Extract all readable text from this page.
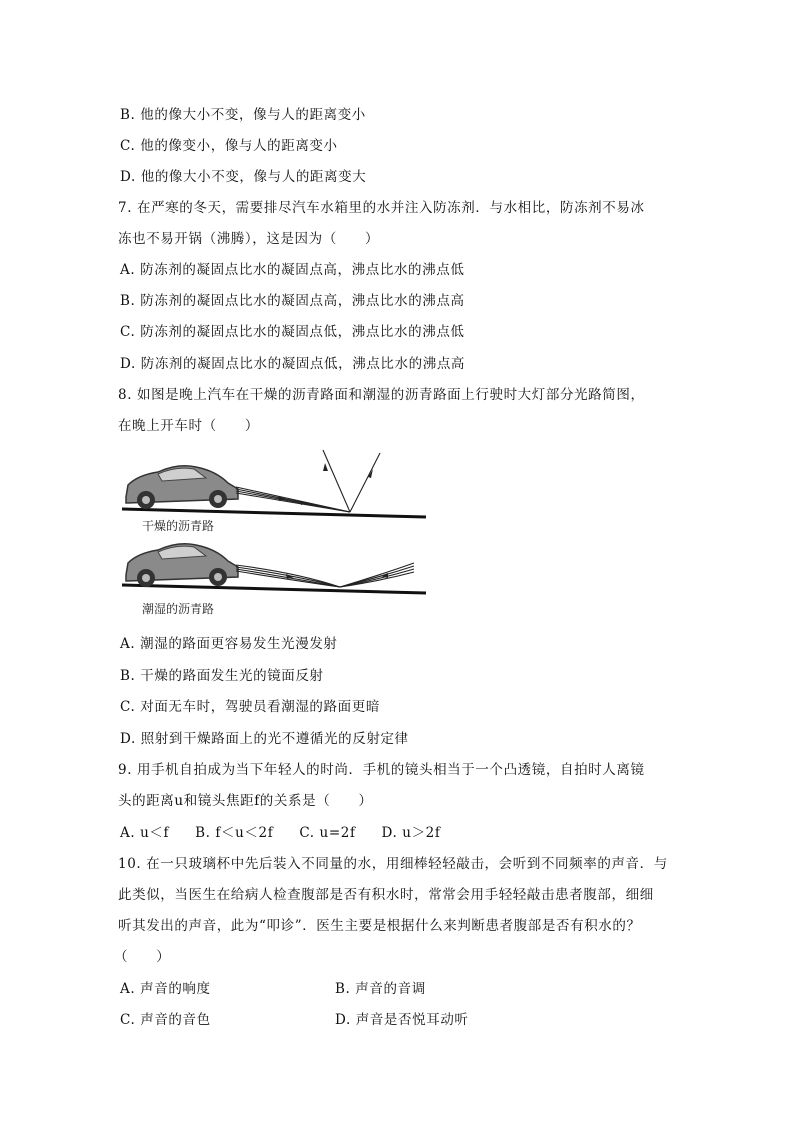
B. 他的像大小不变，像与人的距离变小
C. 他的像变小，像与人的距离变小
D. 他的像大小不变，像与人的距离变大
7. 在严寒的冬天，需要排尽汽车水箱里的水并注入防冻剂．与水相比，防冻剂不易冰
冻也不易开锅（沸腾），这是因为（　　）
A. 防冻剂的凝固点比水的凝固点高，沸点比水的沸点低
B. 防冻剂的凝固点比水的凝固点高，沸点比水的沸点高
C. 防冻剂的凝固点比水的凝固点低，沸点比水的沸点低
D. 防冻剂的凝固点比水的凝固点低，沸点比水的沸点高
8. 如图是晚上汽车在干燥的沥青路面和潮湿的沥青路面上行驶时大灯部分光路简图，
在晚上开车时（　　）
干燥的沥青路
潮湿的沥青路
A. 潮湿的路面更容易发生光漫发射
B. 干燥的路面发生光的镜面反射
C. 对面无车时，驾驶员看潮湿的路面更暗
D. 照射到干燥路面上的光不遵循光的反射定律
9. 用手机自拍成为当下年轻人的时尚．手机的镜头相当于一个凸透镜，自拍时人离镜
头的距离u和镜头焦距f的关系是（　　）
A. u＜f B. f＜u＜2f C. u=2f D. u＞2f
10. 在一只玻璃杯中先后装入不同量的水，用细棒轻轻敲击，会听到不同频率的声音．与
此类似，当医生在给病人检查腹部是否有积水时，常常会用手轻轻敲击患者腹部，细细
听其发出的声音，此为“叩诊”．医生主要是根据什么来判断患者腹部是否有积水的？
（　　）
A. 声音的响度	B. 声音的音调
C. 声音的音色	D. 声音是否悦耳动听
